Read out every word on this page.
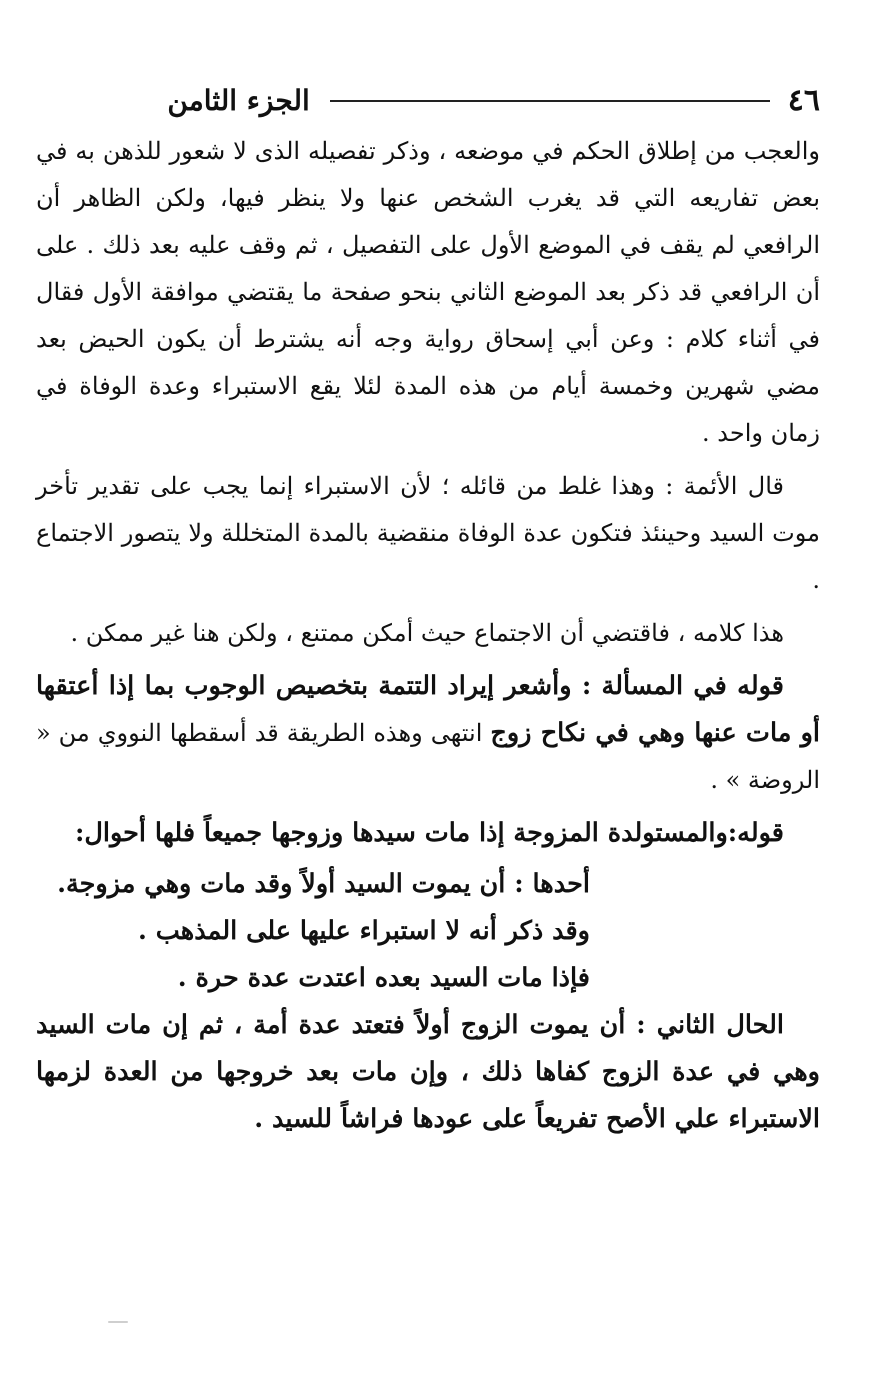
٤٦
الجزء الثامن

والعجب من إطلاق الحكم في موضعه ، وذكر تفصيله الذى لا شعور للذهن به في بعض تفاريعه التي قد يغرب الشخص عنها ولا ينظر فيها، ولكن الظاهر أن الرافعي لم يقف في الموضع الأول على التفصيل ، ثم وقف عليه بعد ذلك . على أن الرافعي قد ذكر بعد الموضع الثاني بنحو صفحة ما يقتضي موافقة الأول فقال في أثناء كلام : وعن أبي إسحاق رواية وجه أنه يشترط أن يكون الحيض بعد مضي شهرين وخمسة أيام من هذه المدة لئلا يقع الاستبراء وعدة الوفاة في زمان واحد .

قال الأئمة : وهذا غلط من قائله ؛ لأن الاستبراء إنما يجب على تقدير تأخر موت السيد وحينئذ فتكون عدة الوفاة منقضية بالمدة المتخللة ولا يتصور الاجتماع .

هذا كلامه ، فاقتضي أن الاجتماع حيث أمكن ممتنع ، ولكن هنا غير ممكن .

قوله في المسألة : وأشعر إيراد التتمة بتخصيص الوجوب بما إذا أعتقها أو مات عنها وهي في نكاح زوج انتهى وهذه الطريقة قد أسقطها النووي من « الروضة » .

قوله:والمستولدة المزوجة إذا مات سيدها وزوجها جميعاً فلها أحوال:

أحدها : أن يموت السيد أولاً وقد مات وهي مزوجة.

وقد ذكر أنه لا استبراء عليها على المذهب .

فإذا مات السيد بعده اعتدت عدة حرة .

الحال الثاني : أن يموت الزوج أولاً فتعتد عدة أمة ، ثم إن مات السيد وهي في عدة الزوج كفاها ذلك ، وإن مات بعد خروجها من العدة لزمها الاستبراء علي الأصح تفريعاً على عودها فراشاً للسيد .
